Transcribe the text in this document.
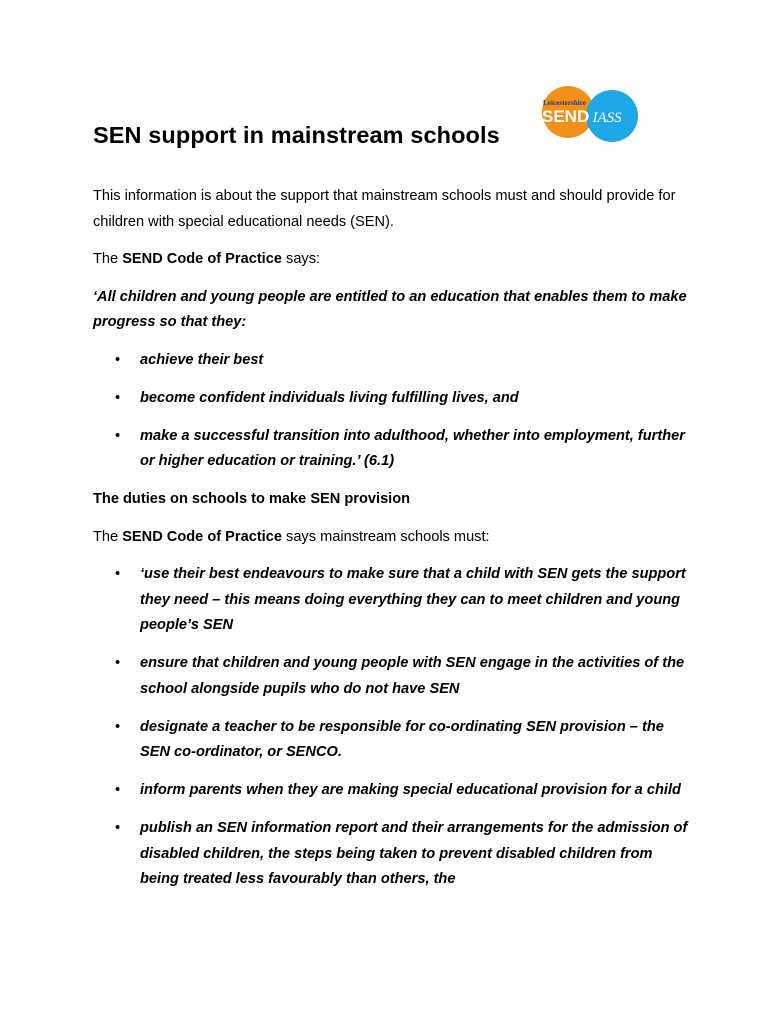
SEN support in mainstream schools
Leicestershire
SEND IASS

This information is about the support that mainstream schools must and should provide for children with special educational needs (SEN).

The SEND Code of Practice says:

‘All children and young people are entitled to an education that enables them to make progress so that they:

• achieve their best
• become confident individuals living fulfilling lives, and
• make a successful transition into adulthood, whether into employment, further or higher education or training.’ (6.1)

The duties on schools to make SEN provision

The SEND Code of Practice says mainstream schools must:

• ‘use their best endeavours to make sure that a child with SEN gets the support they need – this means doing everything they can to meet children and young people’s SEN
• ensure that children and young people with SEN engage in the activities of the school alongside pupils who do not have SEN
• designate a teacher to be responsible for co-ordinating SEN provision – the SEN co-ordinator, or SENCO.
• inform parents when they are making special educational provision for a child
• publish an SEN information report and their arrangements for the admission of disabled children, the steps being taken to prevent disabled children from being treated less favourably than others, the
